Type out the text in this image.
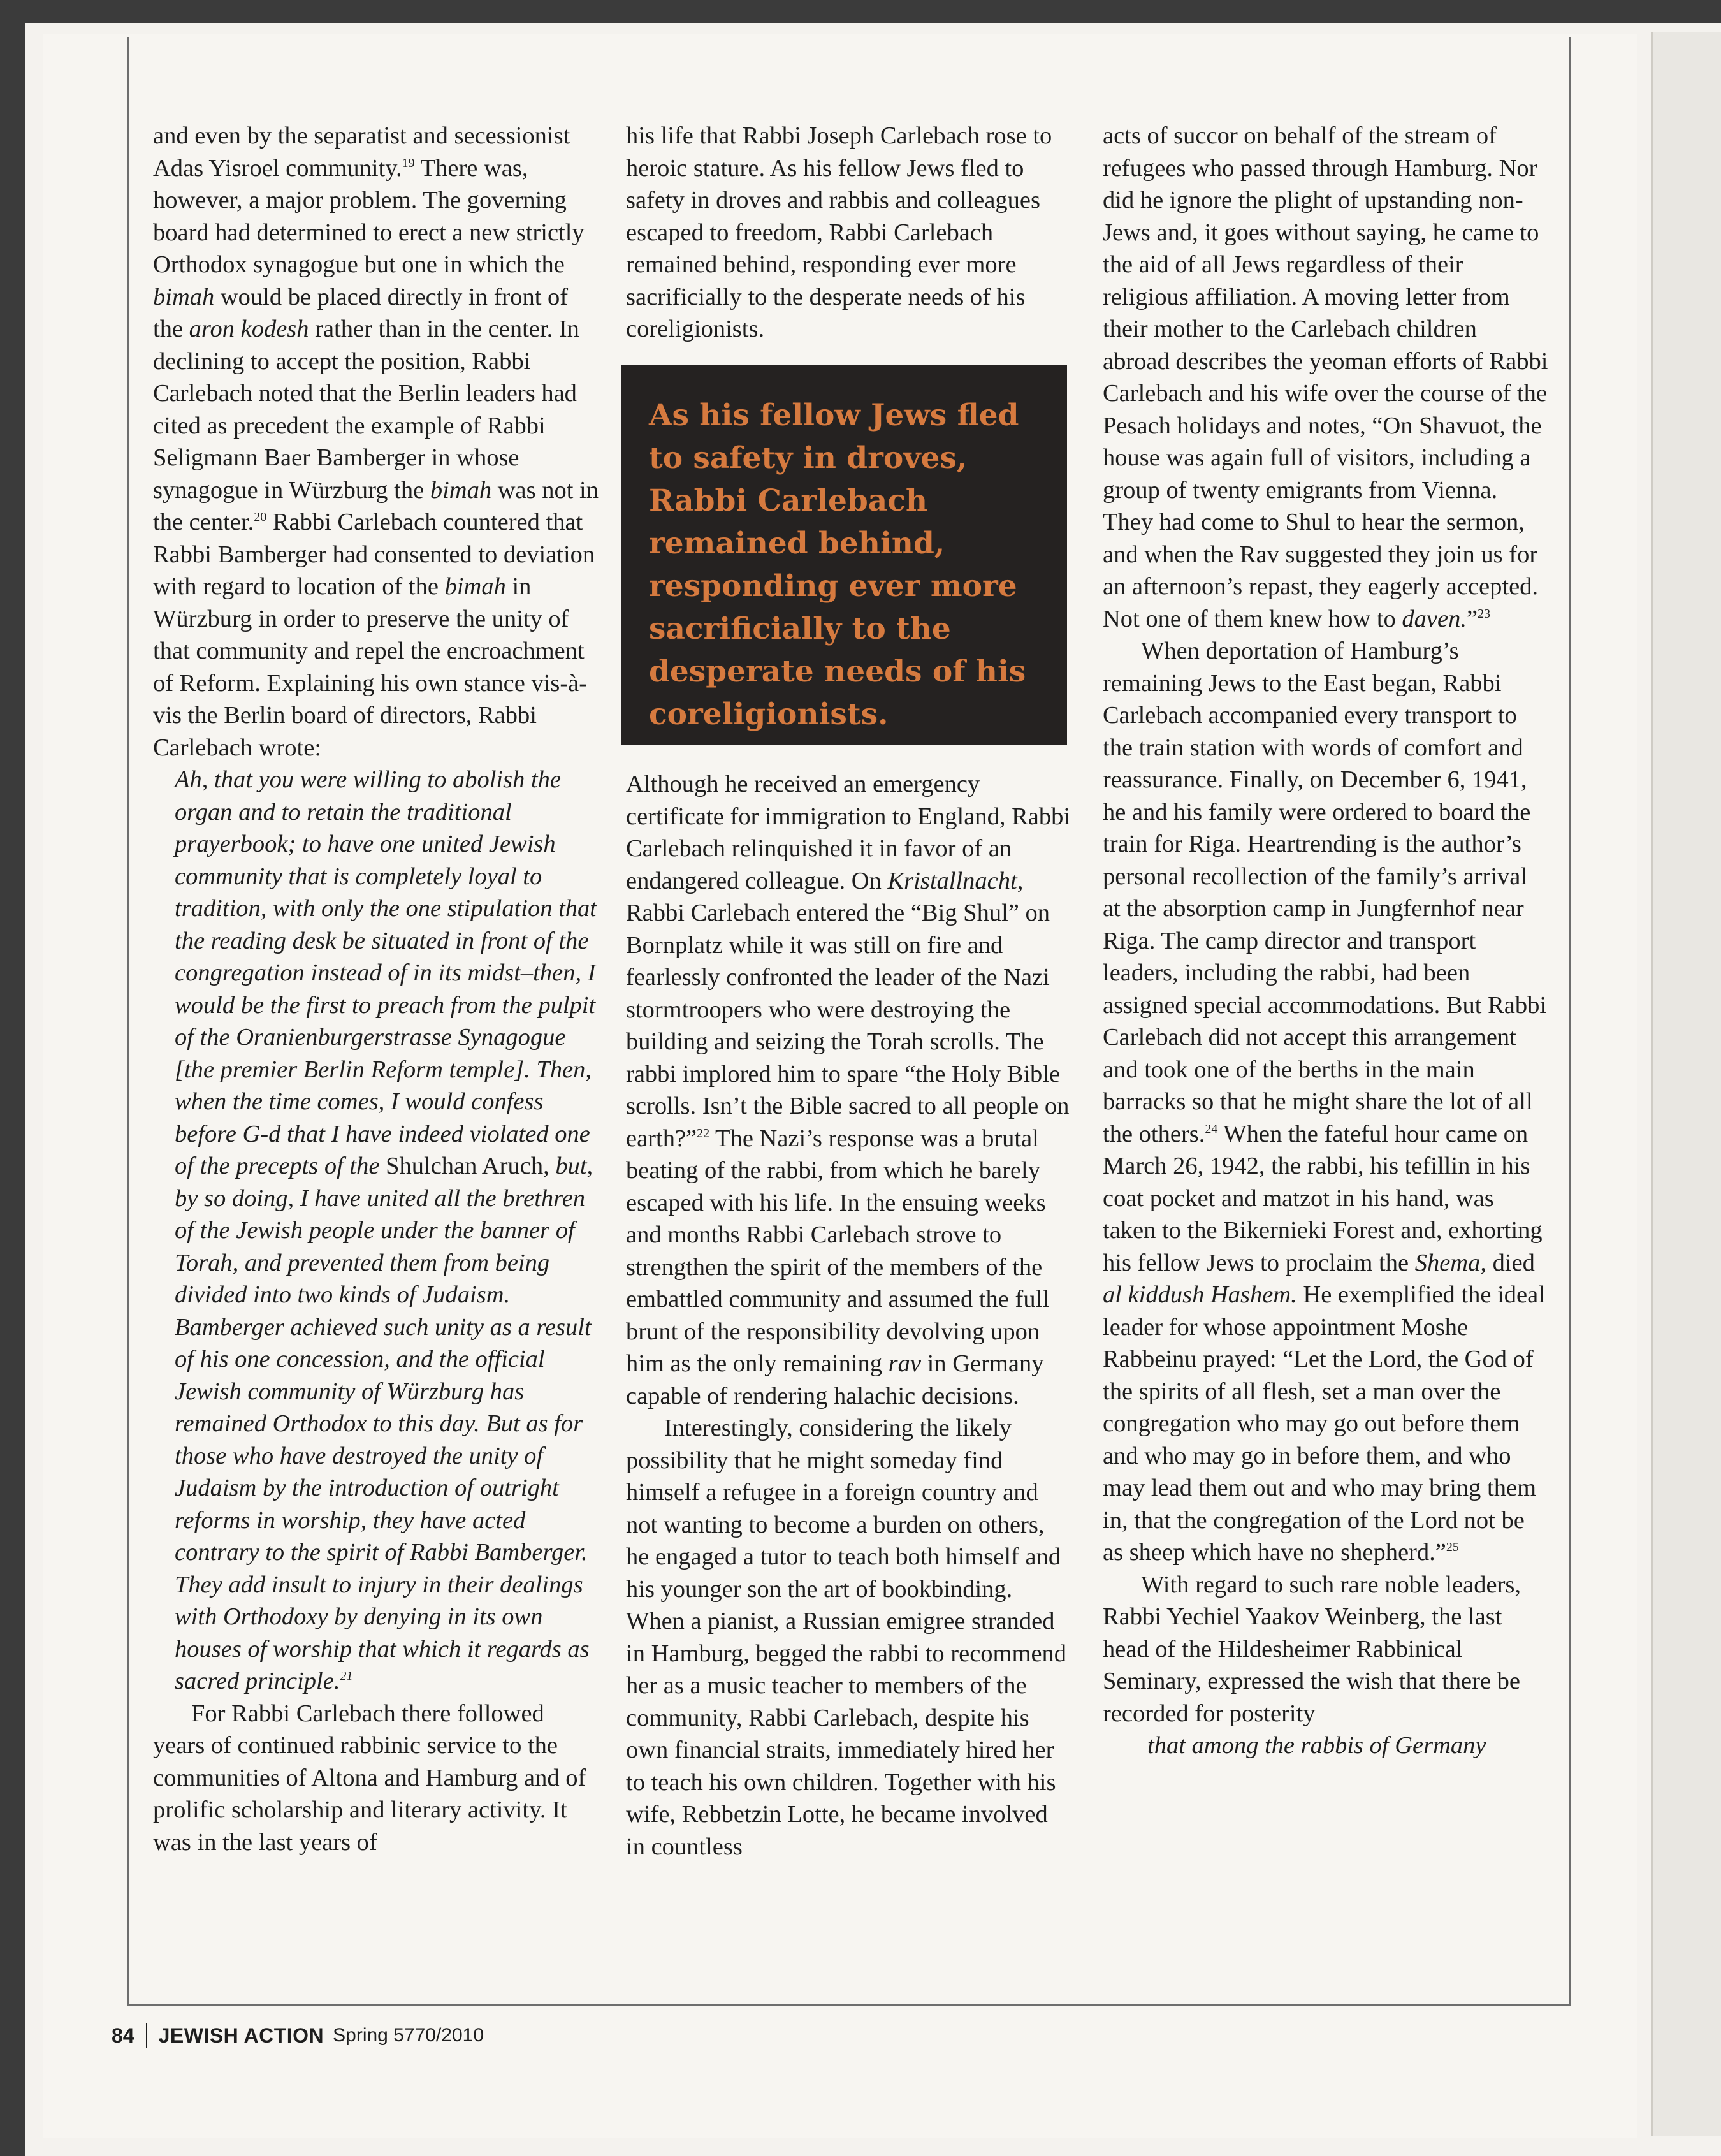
and even by the separatist and secessionist Adas Yisroel community.$^{19}$ There was, however, a major problem. The governing board had determined to erect a new strictly Orthodox synagogue but one in which the bimah would be placed directly in front of the aron kodesh rather than in the center. In declining to accept the position, Rabbi Carlebach noted that the Berlin leaders had cited as precedent the example of Rabbi Seligmann Baer Bamberger in whose synagogue in Würzburg the bimah was not in the center.$^{20}$ Rabbi Carlebach countered that Rabbi Bamberger had consented to deviation with regard to location of the bimah in Würzburg in order to preserve the unity of that community and repel the encroachment of Reform. Explaining his own stance vis-à-vis the Berlin board of directors, Rabbi Carlebach wrote:

Ah, that you were willing to abolish the organ and to retain the traditional prayerbook; to have one united Jewish community that is completely loyal to tradition, with only the one stipulation that the reading desk be situated in front of the congregation instead of in its midst–then, I would be the first to preach from the pulpit of the Oranienburgerstrasse Synagogue [the premier Berlin Reform temple]. Then, when the time comes, I would confess before G-d that I have indeed violated one of the precepts of the Shulchan Aruch, but, by so doing, I have united all the brethren of the Jewish people under the banner of Torah, and prevented them from being divided into two kinds of Judaism. Bamberger achieved such unity as a result of his one concession, and the official Jewish community of Würzburg has remained Orthodox to this day. But as for those who have destroyed the unity of Judaism by the introduction of outright reforms in worship, they have acted contrary to the spirit of Rabbi Bamberger. They add insult to injury in their dealings with Orthodoxy by denying in its own houses of worship that which it regards as sacred principle.$^{21}$

For Rabbi Carlebach there followed years of continued rabbinic service to the communities of Altona and Hamburg and of prolific scholarship and literary activity. It was in the last years of

his life that Rabbi Joseph Carlebach rose to heroic stature. As his fellow Jews fled to safety in droves and rabbis and colleagues escaped to freedom, Rabbi Carlebach remained behind, responding ever more sacrificially to the desperate needs of his coreligionists.

As his fellow Jews fled to safety in droves, Rabbi Carlebach remained behind, responding ever more sacrificially to the desperate needs of his coreligionists.

Although he received an emergency certificate for immigration to England, Rabbi Carlebach relinquished it in favor of an endangered colleague. On Kristallnacht, Rabbi Carlebach entered the “Big Shul” on Bornplatz while it was still on fire and fearlessly confronted the leader of the Nazi stormtroopers who were destroying the building and seizing the Torah scrolls. The rabbi implored him to spare “the Holy Bible scrolls. Isn’t the Bible sacred to all people on earth?”$^{22}$ The Nazi’s response was a brutal beating of the rabbi, from which he barely escaped with his life. In the ensuing weeks and months Rabbi Carlebach strove to strengthen the spirit of the members of the embattled community and assumed the full brunt of the responsibility devolving upon him as the only remaining rav in Germany capable of rendering halachic decisions.

Interestingly, considering the likely possibility that he might someday find himself a refugee in a foreign country and not wanting to become a burden on others, he engaged a tutor to teach both himself and his younger son the art of bookbinding. When a pianist, a Russian emigree stranded in Hamburg, begged the rabbi to recommend her as a music teacher to members of the community, Rabbi Carlebach, despite his own financial straits, immediately hired her to teach his own children. Together with his wife, Rebbetzin Lotte, he became involved in countless

acts of succor on behalf of the stream of refugees who passed through Hamburg. Nor did he ignore the plight of upstanding non-Jews and, it goes without saying, he came to the aid of all Jews regardless of their religious affiliation. A moving letter from their mother to the Carlebach children abroad describes the yeoman efforts of Rabbi Carlebach and his wife over the course of the Pesach holidays and notes, “On Shavuot, the house was again full of visitors, including a group of twenty emigrants from Vienna. They had come to Shul to hear the sermon, and when the Rav suggested they join us for an afternoon’s repast, they eagerly accepted. Not one of them knew how to daven.”$^{23}$

When deportation of Hamburg’s remaining Jews to the East began, Rabbi Carlebach accompanied every transport to the train station with words of comfort and reassurance. Finally, on December 6, 1941, he and his family were ordered to board the train for Riga. Heartrending is the author’s personal recollection of the family’s arrival at the absorption camp in Jungfernhof near Riga. The camp director and transport leaders, including the rabbi, had been assigned special accommodations. But Rabbi Carlebach did not accept this arrangement and took one of the berths in the main barracks so that he might share the lot of all the others.$^{24}$ When the fateful hour came on March 26, 1942, the rabbi, his tefillin in his coat pocket and matzot in his hand, was taken to the Bikernieki Forest and, exhorting his fellow Jews to proclaim the Shema, died al kiddush Hashem. He exemplified the ideal leader for whose appointment Moshe Rabbeinu prayed: “Let the Lord, the God of the spirits of all flesh, set a man over the congregation who may go out before them and who may go in before them, and who may lead them out and who may bring them in, that the congregation of the Lord not be as sheep which have no shepherd.”$^{25}$

With regard to such rare noble leaders, Rabbi Yechiel Yaakov Weinberg, the last head of the Hildesheimer Rabbinical Seminary, expressed the wish that there be recorded for posterity

that among the rabbis of Germany

84 JEWISH ACTION Spring 5770/2010
